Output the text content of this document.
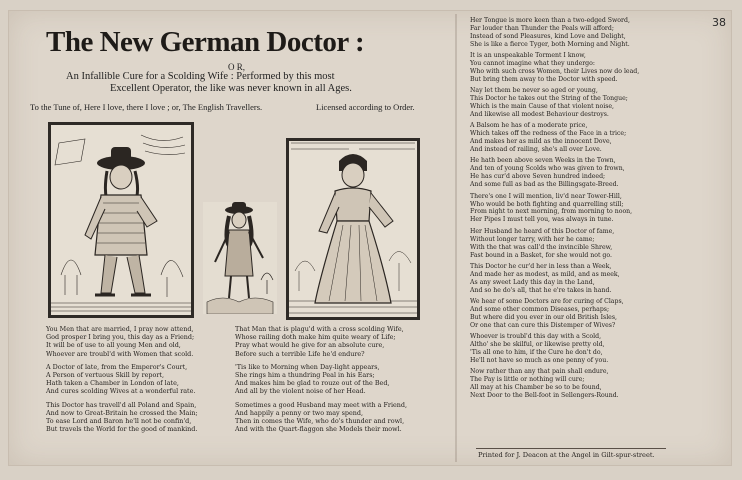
38
The New German Doctor :
O R,
An Infallible Cure for a Scolding Wife : Performed by this most
Excellent Operator, the like was never known in all Ages.
To the Tune of, Here I love, there I love ; or, The English Travellers.	Licensed according to Order.
You Men that are married, I pray now attend,
God prosper I bring you, this day as a Friend;
It will be of use to all young Men and old,
Whoever are troubl'd with Women that scold.
A Doctor of late, from the Emperor's Court,
A Person of vertuous Skill by report,
Hath taken a Chamber in London of late,
And cures scolding Wives at a wonderful rate.
This Doctor has travell'd all Poland and Spain,
And now to Great-Britain he crossed the Main;
To ease Lord and Baron he'll not be confin'd,
But travels the World for the good of mankind.
That Man that is plagu'd with a cross scolding Wife,
Whose railing doth make him quite weary of Life;
Pray what would he give for an absolute cure,
Before such a terrible Life he'd endure?
'Tis like to Morning when Day-light appears,
She rings him a thundring Peal in his Ears;
And makes him be glad to rouze out of the Bed,
And all by the violent noise of her Head.
Sometimes a good Husband may meet with a Friend,
And happily a penny or two may spend,
Then in comes the Wife, who do's thunder and rowl,
And with the Quart-flaggon she Models their mowl.
Her Tongue is more keen than a two-edged Sword,
Far louder than Thunder the Peals will afford;
Instead of sond Pleasures, kind Love and Delight,
She is like a fierce Tyger, both Morning and Night.
It is an unspeakable Torment I know,
You cannot imagine what they undergo:
Who with such cross Women, their Lives now do lead,
But bring them away to the Doctor with speed.
Nay let them be never so aged or young,
This Doctor he takes out the String of the Tongue;
Which is the main Cause of that violent noise,
And likewise all modest Behaviour destroys.
A Balsom he has of a moderate price,
Which takes off the redness of the Face in a trice;
And makes her as mild as the innocent Dove,
And instead of railing, she's all over Love.
He hath been above seven Weeks in the Town,
And ten of young Scolds who was given to frown,
He has cur'd above Seven hundred indeed;
And some full as bad as the Billingsgate-Breed.
There's one I will mention, liv'd near Tower-Hill,
Who would be both fighting and quarrelling still;
From night to next morning, from morning to noon,
Her Pipes I must tell you, was always in tune.
Her Husband he heard of this Doctor of fame,
Without longer tarry, with her he came;
With the that was call'd the invincible Shrew,
Fast bound in a Basket, for she would not go.
This Doctor he cur'd her in less than a Week,
And made her as modest, as mild, and as meek,
As any sweet Lady this day in the Land,
And so he do's all, that he e're takes in hand.
We hear of some Doctors are for curing of Claps,
And some other common Diseases, perhaps;
But where did you ever in our old British Isles,
Or one that can cure this Distemper of Wives?
Whoever is troubl'd this day with a Scold,
Altho' she be skilful, or likewise pretty old,
'Tis all one to him, if the Cure he don't do,
He'll not have so much as one penny of you.
Now rather than any that pain shall endure,
The Pay is little or nothing will cure;
All may at his Chamber be so to be found,
Next Door to the Bell-foot in Sellengers-Round.
Printed for J. Deacon at the Angel in Gilt-spur-street.
